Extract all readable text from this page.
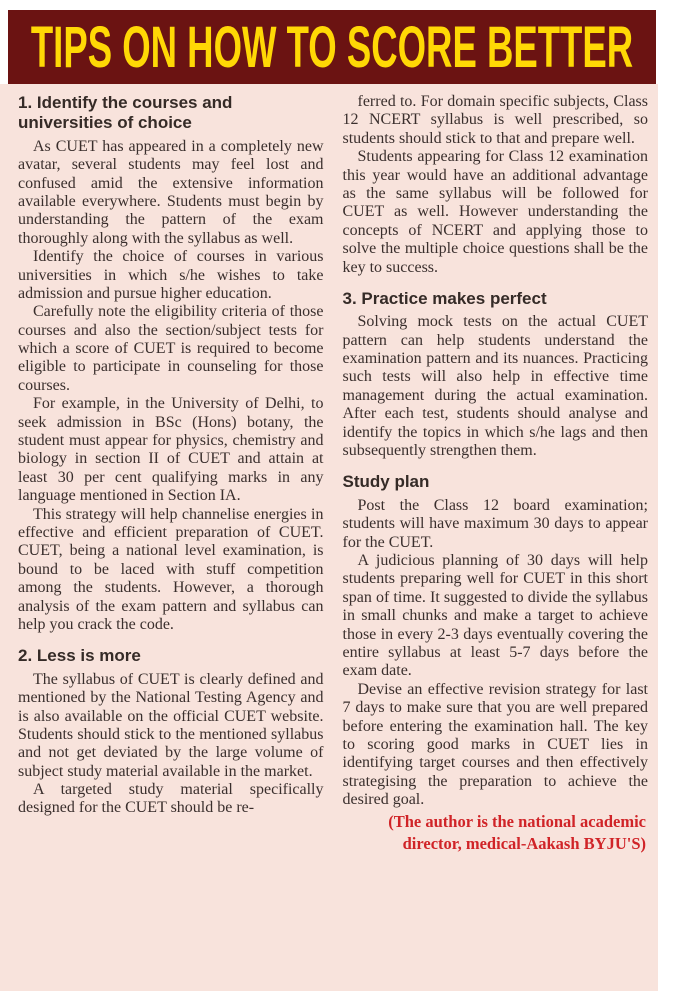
TIPS ON HOW TO SCORE BETTER
1. Identify the courses and universities of choice

As CUET has appeared in a completely new avatar, several students may feel lost and confused amid the extensive information available everywhere. Students must begin by understanding the pattern of the exam thoroughly along with the syllabus as well.

Identify the choice of courses in various universities in which s/he wishes to take admission and pursue higher education.

Carefully note the eligibility criteria of those courses and also the section/subject tests for which a score of CUET is required to become eligible to participate in counseling for those courses.

For example, in the University of Delhi, to seek admission in BSc (Hons) botany, the student must appear for physics, chemistry and biology in section II of CUET and attain at least 30 per cent qualifying marks in any language mentioned in Section IA.

This strategy will help channelise energies in effective and efficient preparation of CUET. CUET, being a national level examination, is bound to be laced with stuff competition among the students. However, a thorough analysis of the exam pattern and syllabus can help you crack the code.

2. Less is more

The syllabus of CUET is clearly defined and mentioned by the National Testing Agency and is also available on the official CUET website. Students should stick to the mentioned syllabus and not get deviated by the large volume of subject study material available in the market.

A targeted study material specifically designed for the CUET should be re-

ferred to. For domain specific subjects, Class 12 NCERT syllabus is well prescribed, so students should stick to that and prepare well.

Students appearing for Class 12 examination this year would have an additional advantage as the same syllabus will be followed for CUET as well. However understanding the concepts of NCERT and applying those to solve the multiple choice questions shall be the key to success.

3. Practice makes perfect

Solving mock tests on the actual CUET pattern can help students understand the examination pattern and its nuances. Practicing such tests will also help in effective time management during the actual examination. After each test, students should analyse and identify the topics in which s/he lags and then subsequently strengthen them.

Study plan

Post the Class 12 board examination; students will have maximum 30 days to appear for the CUET.

A judicious planning of 30 days will help students preparing well for CUET in this short span of time. It suggested to divide the syllabus in small chunks and make a target to achieve those in every 2-3 days eventually covering the entire syllabus at least 5-7 days before the exam date.

Devise an effective revision strategy for last 7 days to make sure that you are well prepared before entering the examination hall. The key to scoring good marks in CUET lies in identifying target courses and then effectively strategising the preparation to achieve the desired goal.

(The author is the national academic director, medical-Aakash BYJU'S)
